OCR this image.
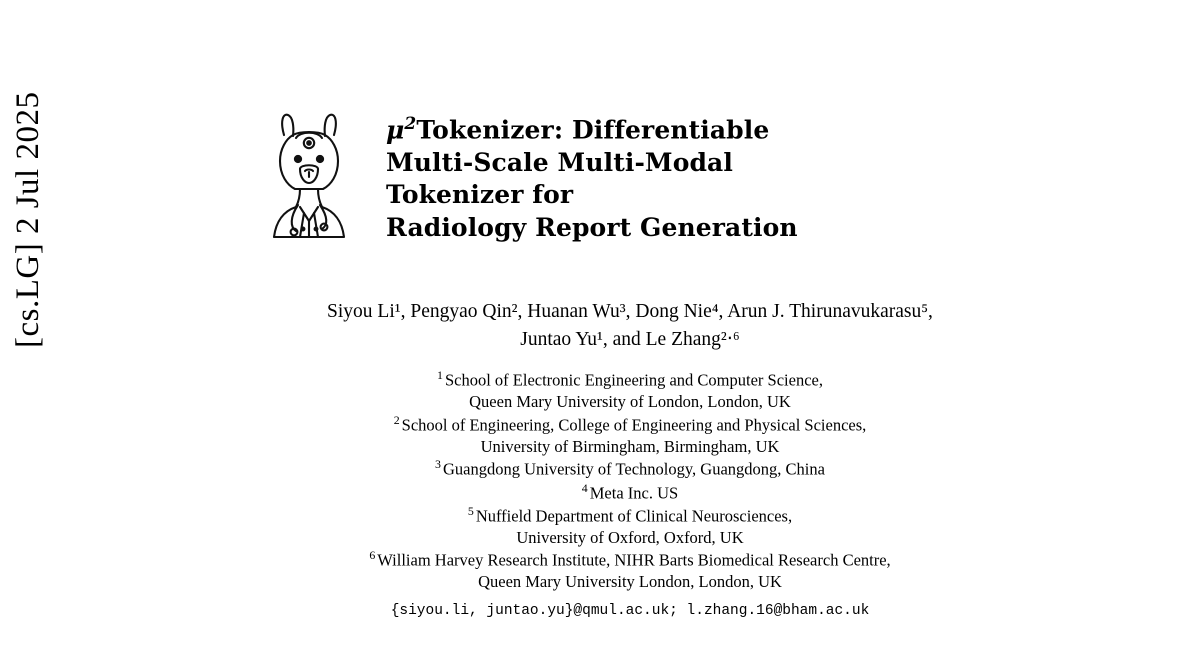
[cs.LG] 2 Jul 2025	$\mu^2Tokenizer$: Differentiable
Multi-Scale Multi-Modal
Tokenizer for
Radiology Report Generation
Siyou Li¹, Pengyao Qin², Huanan Wu³, Dong Nie⁴, Arun J. Thirunavukarasu⁵,
Juntao Yu¹, and Le Zhang²‧⁶
$^1$ School of Electronic Engineering and Computer Science,
Queen Mary University of London, London, UK
$^2$ School of Engineering, College of Engineering and Physical Sciences,
University of Birmingham, Birmingham, UK
$^3$ Guangdong University of Technology, Guangdong, China
$^4$ Meta Inc. US
$^5$ Nuffield Department of Clinical Neurosciences,
University of Oxford, Oxford, UK
$^6$ William Harvey Research Institute, NIHR Barts Biomedical Research Centre,
Queen Mary University London, London, UK
{siyou.li, juntao.yu}@qmul.ac.uk; l.zhang.16@bham.ac.uk
